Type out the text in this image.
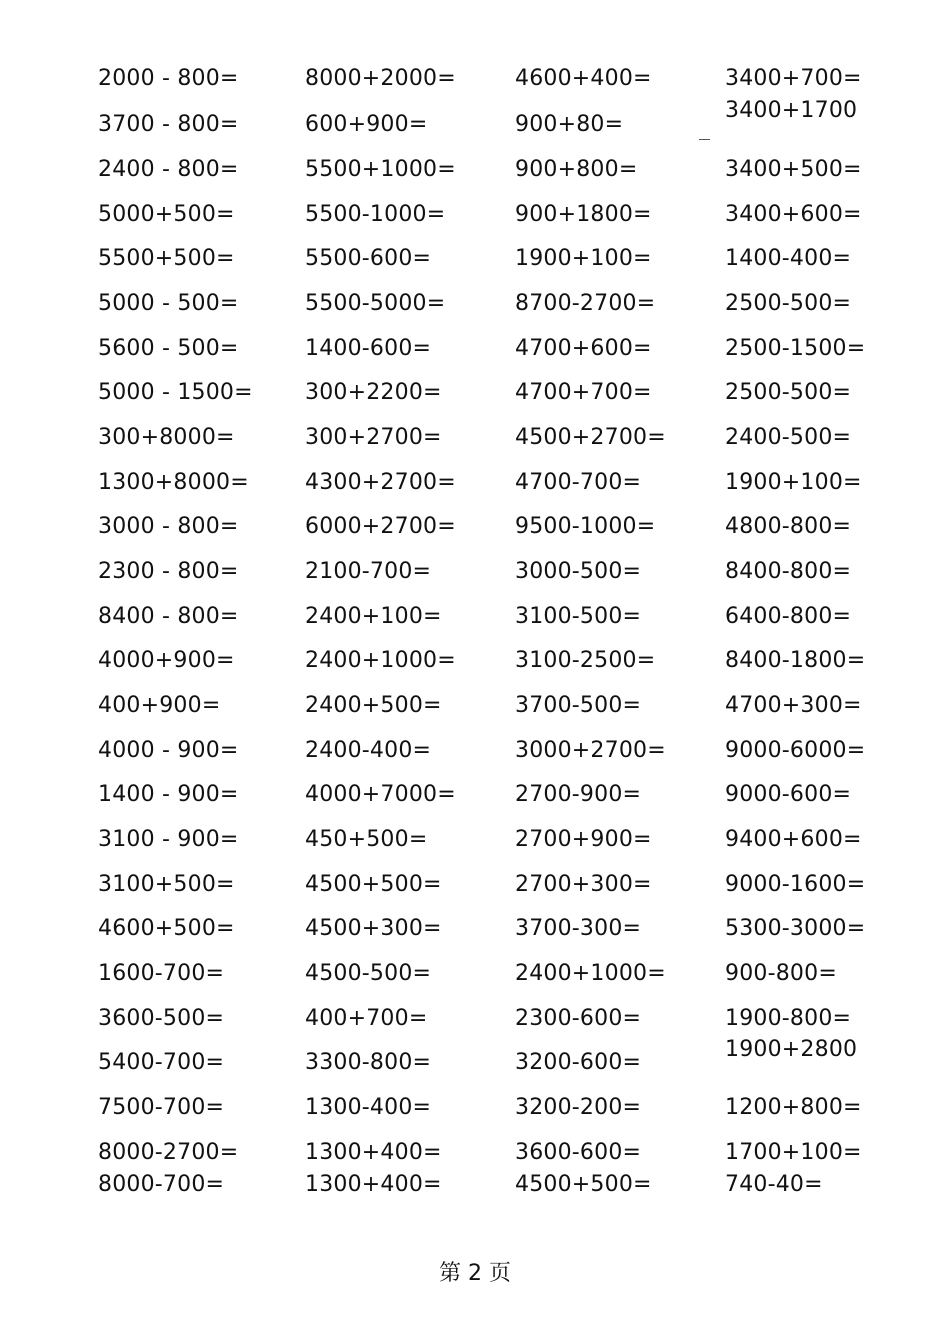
2000 - 800=
3700 - 800=
2400 - 800=
5000+500=
5500+500=
5000 - 500=
5600 - 500=
5000 - 1500=
300+8000=
1300+8000=
3000 - 800=
2300 - 800=
8400 - 800=
4000+900=
400+900=
4000 - 900=
1400 - 900=
3100 - 900=
3100+500=
4600+500=
1600-700=
3600-500=
5400-700=
7500-700=
8000-2700=
8000-700=
8000+2000=
600+900=
5500+1000=
5500-1000=
5500-600=
5500-5000=
1400-600=
300+2200=
300+2700=
4300+2700=
6000+2700=
2100-700=
2400+100=
2400+1000=
2400+500=
2400-400=
4000+7000=
450+500=
4500+500=
4500+300=
4500-500=
400+700=
3300-800=
1300-400=
1300+400=
1300+400=
4600+400=
900+80=
900+800=
900+1800=
1900+100=
8700-2700=
4700+600=
4700+700=
4500+2700=
4700-700=
9500-1000=
3000-500=
3100-500=
3100-2500=
3700-500=
3000+2700=
2700-900=
2700+900=
2700+300=
3700-300=
2400+1000=
2300-600=
3200-600=
3200-200=
3600-600=
4500+500=
3400+700=
3400+1700
3400+500=
3400+600=
1400-400=
2500-500=
2500-1500=
2500-500=
2400-500=
1900+100=
4800-800=
8400-800=
6400-800=
8400-1800=
4700+300=
9000-6000=
9000-600=
9400+600=
9000-1600=
5300-3000=
900-800=
1900-800=
1900+2800
1200+800=
1700+100=
740-40=
第 2 页
